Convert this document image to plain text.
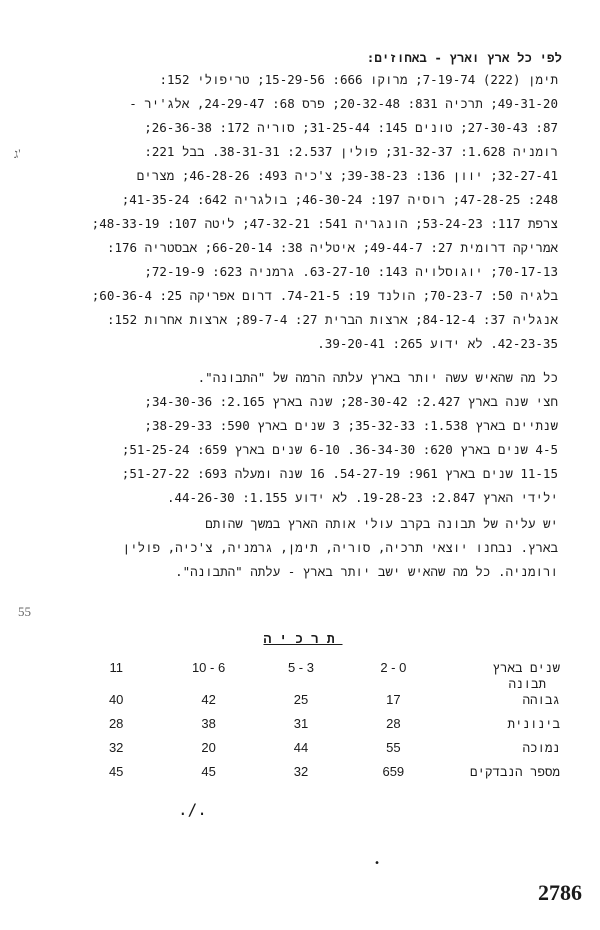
לפי כל ארץ וארץ - באחוזים:
תימן (222) 7-19-74; מרוקו 666: 15-29-56; טריפולי 152:
49-31-20; תרכיה 831: 20-32-48; פרס 68: 24-29-47, אלג'יר -
87: 27-30-43; טונים 145: 31-25-44; סוריה 172: 26-36-38;
רומניה 1.628: 31-32-37; פולין 2.537: 38-31-31. בבל 221:
32-27-41; יוון 136: 39-38-23; צ'כיה 493: 46-28-26; מצרים
248: 47-28-25; רוסיה 197: 46-30-24; בולגריה 642: 41-35-24;
צרפת 117: 53-24-23; הונגריה 541: 47-32-21; ליטה 107: 48-33-19;
אמריקה דרומית 27: 49-44-7; איטליה 38: 66-20-14; אבסטריה 176:
70-17-13; יוגוסלויה 143: 63-27-10. גרמניה 623: 72-19-9;
בלגיה 50: 70-23-7; הולנד 19: 74-21-5. דרום אפריקה 25: 60-36-4;
אנגליה 37: 84-12-4; ארצות הברית 27: 89-7-4; ארצות אחרות 152:
42-23-35. לא ידוע 265: 39-20-41.
כל מה שהאיש עשה יותר בארץ עלתה הרמה של "התבונה".
חצי שנה בארץ 2.427: 28-30-42; שנה בארץ 2.165: 34-30-36;
שנתיים בארץ 1.538: 35-32-33; 3 שנים בארץ 590: 38-29-33;
4-5 שנים בארץ 620: 36-34-30. 6-10 שנים בארץ 659: 51-25-24;
11-15 שנים בארץ 961: 54-27-19. 16 שנה ומעלה 693: 51-27-22;
ילידי הארץ 2.847: 19-28-23. לא ידוע 1.155: 44-26-30.
יש עליה של תבונה בקרב עולי אותה הארץ במשך שהותם
בארץ. נבחנו יוצאי תרכיה, סוריה, תימן, גרמניה, צ'כיה, פולין
ורומניה. כל מה שהאיש ישב יותר בארץ - עלתה "התבונה".
ג'
55
תרכיה
שנים בארץ
תבונה	0 - 2	3 - 5	6 - 10	11
גבוהה	17	25	42	40
בינונית	28	31	38	28
נמוכה	55	44	20	32
מספר הנבדקים	659	32	45	45
./.
•
2786
